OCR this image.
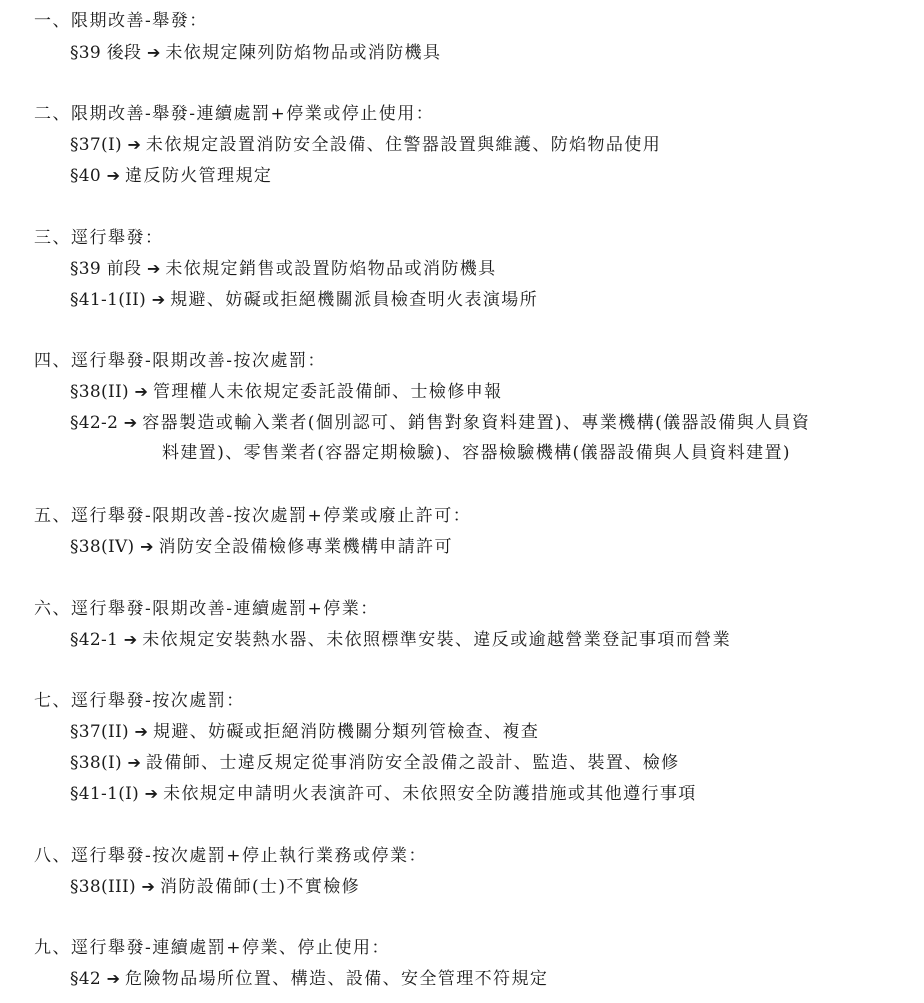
一、限期改善-舉發：
§39 後段 ➔ 未依規定陳列防焰物品或消防機具
二、限期改善-舉發-連續處罰+停業或停止使用：
§37(I) ➔ 未依規定設置消防安全設備、住警器設置與維護、防焰物品使用
§40 ➔ 違反防火管理規定
三、逕行舉發：
§39 前段 ➔ 未依規定銷售或設置防焰物品或消防機具
§41-1(II) ➔ 規避、妨礙或拒絕機關派員檢查明火表演場所
四、逕行舉發-限期改善-按次處罰：
§38(II) ➔ 管理權人未依規定委託設備師、士檢修申報
§42-2 ➔ 容器製造或輸入業者(個別認可、銷售對象資料建置)、專業機構(儀器設備與人員資
料建置)、零售業者(容器定期檢驗)、容器檢驗機構(儀器設備與人員資料建置)
五、逕行舉發-限期改善-按次處罰+停業或廢止許可：
§38(IV) ➔ 消防安全設備檢修專業機構申請許可
六、逕行舉發-限期改善-連續處罰+停業：
§42-1 ➔ 未依規定安裝熱水器、未依照標準安裝、違反或逾越營業登記事項而營業
七、逕行舉發-按次處罰：
§37(II) ➔ 規避、妨礙或拒絕消防機關分類列管檢查、複查
§38(I) ➔ 設備師、士違反規定從事消防安全設備之設計、監造、裝置、檢修
§41-1(I) ➔ 未依規定申請明火表演許可、未依照安全防護措施或其他遵行事項
八、逕行舉發-按次處罰+停止執行業務或停業：
§38(III) ➔ 消防設備師(士)不實檢修
九、逕行舉發-連續處罰+停業、停止使用：
§42 ➔ 危險物品場所位置、構造、設備、安全管理不符規定
